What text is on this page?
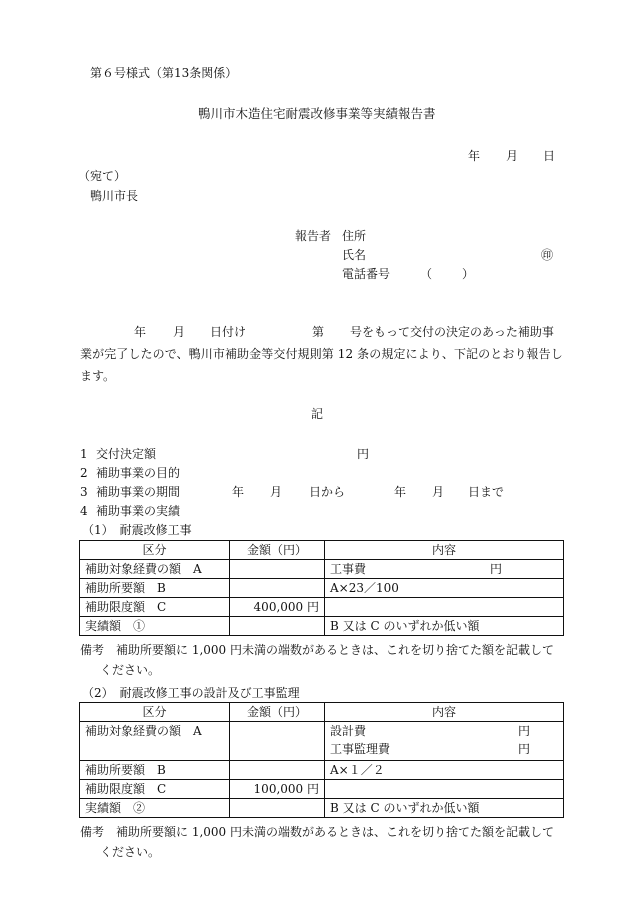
第６号様式（第13条関係）
鴨川市木造住宅耐震改修事業等実績報告書
年 月 日
（宛て）
鴨川市長
報告者 住所
氏名	㊞
電話番号 （ ）
年 月 日付け	第 号をもって交付の決定のあった補助事
業が完了したので、鴨川市補助金等交付規則第 12 条の規定により、下記のとおり報告し
ます。
記
1 交付決定額	円
2 補助事業の目的
3 補助事業の期間	年 月 日から	年 月 日まで
4 補助事業の実績
（1）　耐震改修工事
区分	金額（円）	内容
補助対象経費の額　A		工事費 円
補助所要額　B		A×23／100
補助限度額　C	400,000 円	
実績額　①		B 又は C のいずれか低い額
備考　補助所要額に 1,000 円未満の端数があるときは、これを切り捨てた額を記載して
ください。
（2）　耐震改修工事の設計及び工事監理
区分	金額（円）	内容
補助対象経費の額　A		設計費 円
工事監理費 円

補助所要額　B		A×１／２
補助限度額　C	100,000 円	
実績額　②		B 又は C のいずれか低い額
備考　補助所要額に 1,000 円未満の端数があるときは、これを切り捨てた額を記載して
ください。
